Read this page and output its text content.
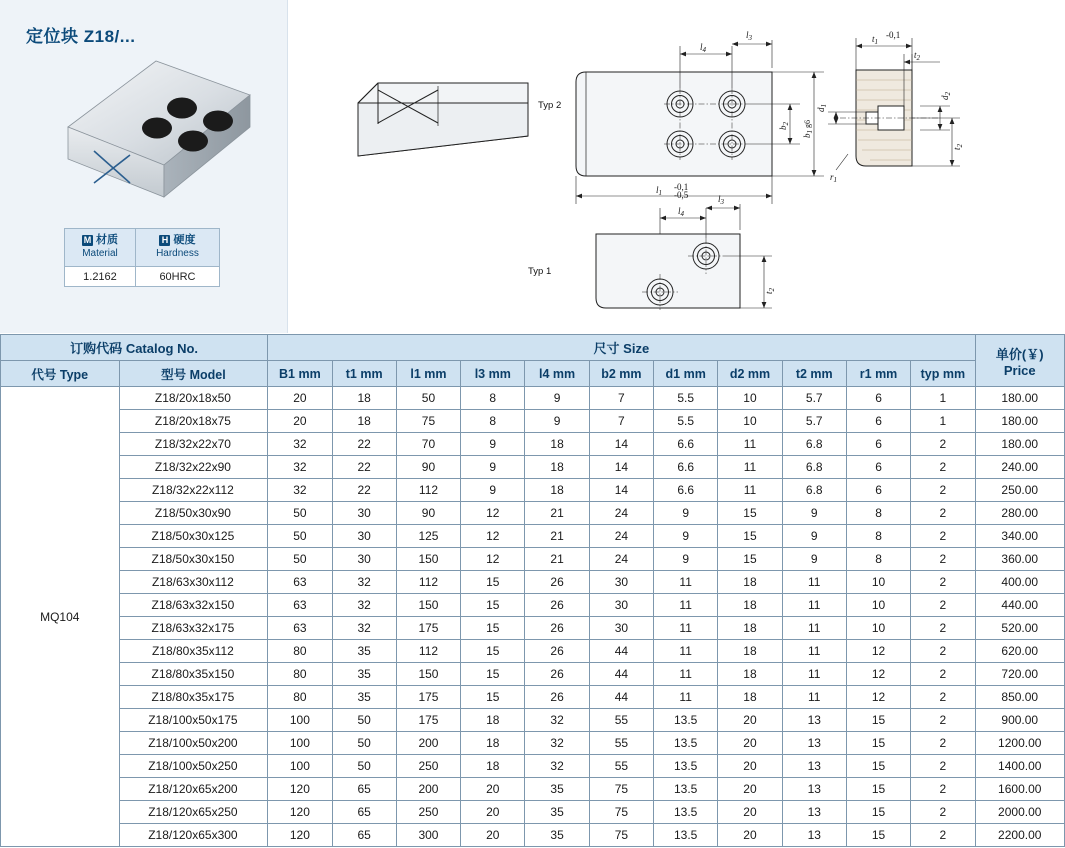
定位块 Z18/...
M 材质
Material	H 硬度
Hardness

1.2162	60HRC
$l_4$
$l_3$
$b_2$
$b_1$ g6
$l_1$
-0,1
-0,5
$t_1$
-0,1
$t_2$
$d_2$
$d_1$
$r_1$
$t_2$
Typ 2
$l_4$
$l_3$
$t_2$
Typ 1
订购代码 Catalog No.		尺寸 Size											单价(￥)
Price

代号 Type	型号 Model	B1 mm	t1 mm	l1 mm	l3 mm	l4 mm	b2 mm	d1 mm	d2 mm	t2 mm	r1 mm	typ mm	
MQ104	Z18/20x18x50	20	18	50	8	9	7	5.5	10	5.7	6	1	180.00
	Z18/20x18x75	20	18	75	8	9	7	5.5	10	5.7	6	1	180.00
	Z18/32x22x70	32	22	70	9	18	14	6.6	11	6.8	6	2	180.00
	Z18/32x22x90	32	22	90	9	18	14	6.6	11	6.8	6	2	240.00
	Z18/32x22x112	32	22	112	9	18	14	6.6	11	6.8	6	2	250.00
	Z18/50x30x90	50	30	90	12	21	24	9	15	9	8	2	280.00
	Z18/50x30x125	50	30	125	12	21	24	9	15	9	8	2	340.00
	Z18/50x30x150	50	30	150	12	21	24	9	15	9	8	2	360.00
	Z18/63x30x112	63	32	112	15	26	30	11	18	11	10	2	400.00
	Z18/63x32x150	63	32	150	15	26	30	11	18	11	10	2	440.00
	Z18/63x32x175	63	32	175	15	26	30	11	18	11	10	2	520.00
	Z18/80x35x112	80	35	112	15	26	44	11	18	11	12	2	620.00
	Z18/80x35x150	80	35	150	15	26	44	11	18	11	12	2	720.00
	Z18/80x35x175	80	35	175	15	26	44	11	18	11	12	2	850.00
	Z18/100x50x175	100	50	175	18	32	55	13.5	20	13	15	2	900.00
	Z18/100x50x200	100	50	200	18	32	55	13.5	20	13	15	2	1200.00
	Z18/100x50x250	100	50	250	18	32	55	13.5	20	13	15	2	1400.00
	Z18/120x65x200	120	65	200	20	35	75	13.5	20	13	15	2	1600.00
	Z18/120x65x250	120	65	250	20	35	75	13.5	20	13	15	2	2000.00
	Z18/120x65x300	120	65	300	20	35	75	13.5	20	13	15	2	2200.00
